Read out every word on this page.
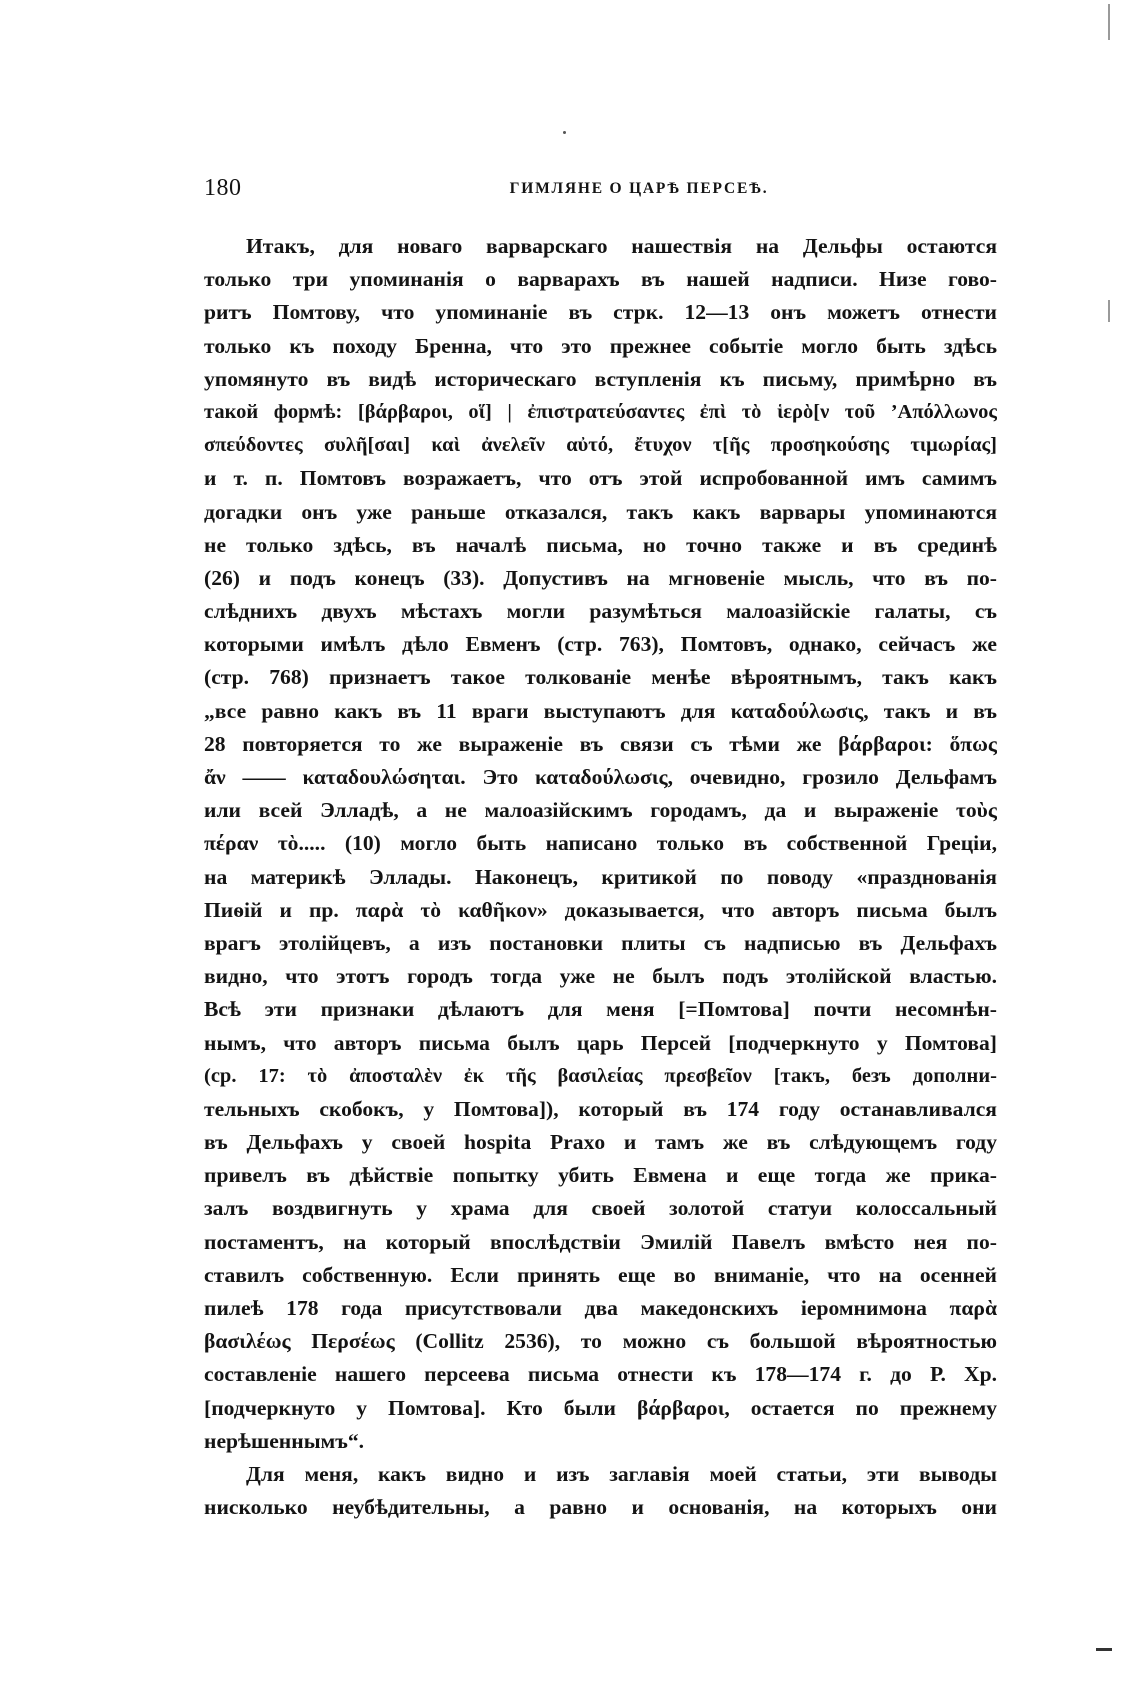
180	ГИМЛЯНЕ О ЦАРѢ ПЕРСЕѢ.
Итакъ, для новаго варварскаго нашествія на Дельфы остаются
только три упоминанія о варварахъ въ нашей надписи. Низе гово-
ритъ Помтову, что упоминаніе въ стрк. 12—13 онъ можетъ отнести
только къ походу Бренна, что это прежнее событіе могло быть здѣсь
упомянуто въ видѣ историческаго вступленія къ письму, примѣрно въ
такой формѣ: [βάρβαροι, οἵ] | ἐπιστρατεύσαντες ἐπὶ τὸ ἱερὸ[ν τοῦ ’Απόλλωνος
σπεύδοντες συλῆ[σαι] καὶ ἀνελεῖν αὐτό, ἔτυχον τ[ῆς προσηκούσης τιμωρίας]
и т. п. Помтовъ возражаетъ, что отъ этой испробованной имъ самимъ
догадки онъ уже раньше отказался, такъ какъ варвары упоминаются
не только здѣсь, въ началѣ письма, но точно также и въ срединѣ
(26) и подъ конецъ (33). Допустивъ на мгновеніе мысль, что въ по-
слѣднихъ двухъ мѣстахъ могли разумѣться малоазійскіе галаты, съ
которыми имѣлъ дѣло Евменъ (стр. 763), Помтовъ, однако, сейчасъ же
(стр. 768) признаетъ такое толкованіе менѣе вѣроятнымъ, такъ какъ
„все равно какъ въ 11 враги выступаютъ для καταδούλωσις, такъ и въ
28 повторяется то же выраженіе въ связи съ тѣми же βάρβαροι: ὅπως
ἄν —— καταδουλώσηται. Это καταδούλωσις, очевидно, грозило Дельфамъ
или всей Элладѣ, а не малоазійскимъ городамъ, да и выраженіе τοὺς
πέραν τὸ..... (10) могло быть написано только въ собственной Греціи,
на материкѣ Эллады. Наконецъ, критикой по поводу «празднованія
Пиѳій и пр. παρὰ τὸ καθῆκον» доказывается, что авторъ письма былъ
врагъ этолійцевъ, а изъ постановки плиты съ надписью въ Дельфахъ
видно, что этотъ городъ тогда уже не былъ подъ этолійской властью.
Всѣ эти признаки дѣлаютъ для меня [=Помтова] почти несомнѣн-
нымъ, что авторъ письма былъ царь Персей [подчеркнуто у Помтова]
(ср. 17: τὸ ἀποσταλὲν ἐκ τῆς βασιλείας πρεσβεῖον [такъ, безъ дополни-
тельныхъ скобокъ, у Помтова]), который въ 174 году останавливался
въ Дельфахъ у своей hospita Praxo и тамъ же въ слѣдующемъ году
привелъ въ дѣйствіе попытку убить Евмена и еще тогда же прика-
залъ воздвигнуть у храма для своей золотой статуи колоссальный
постаментъ, на который впослѣдствіи Эмилій Павелъ вмѣсто нея по-
ставилъ собственную. Если принять еще во вниманіе, что на осенней
пилеѣ 178 года присутствовали два македонскихъ іеромнимона παρὰ
βασιλέως Περσέως (Collitz 2536), то можно съ большой вѣроятностью
составленіе нашего персеева письма отнести къ 178—174 г. до Р. Хр.
[подчеркнуто у Помтова]. Кто были βάρβαροι, остается по прежнему
нерѣшеннымъ“.
Для меня, какъ видно и изъ заглавія моей статьи, эти выводы
нисколько неубѣдительны, а равно и основанія, на которыхъ они
